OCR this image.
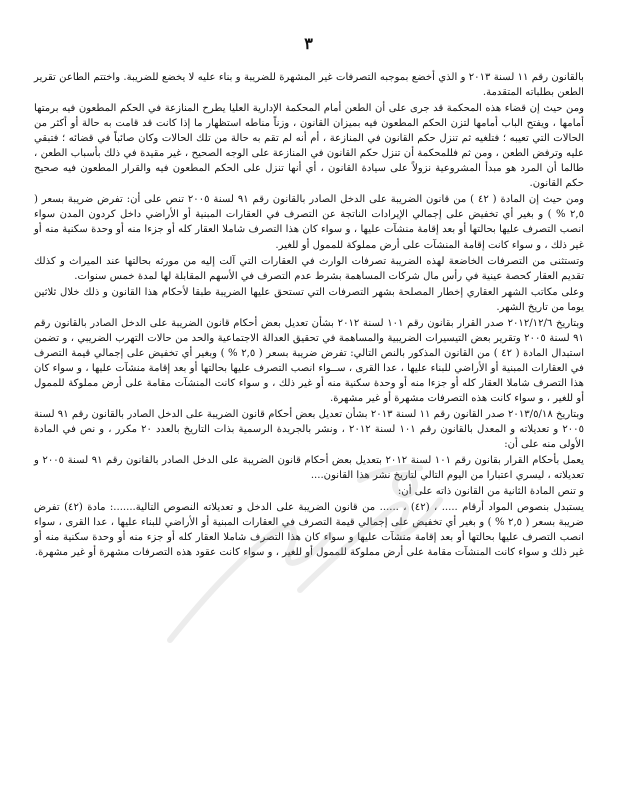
٣

بالقانون رقم ١١ لسنة ٢٠١٣ و الذي أخضع بموجبه التصرفات غير المشهرة للضريبة و بناء عليه لا يخضع للضريبة. واختتم الطاعن تقرير الطعن بطلباته المتقدمة.

ومن حيث إن قضاء هذه المحكمة قد جرى على أن الطعن أمام المحكمة الإدارية العليا يطرح المنازعة في الحكم المطعون فيه برمتها أمامها ، ويفتح الباب أمامها لتزن الحكم المطعون فيه بميزان القانون ، وزناً مناطه استظهار ما إذا كانت قد قامت به حالة أو أكثر من الحالات التي تعيبه ؛ فتلغيه ثم تنزل حكم القانون في المنازعة ، أم أنه لم تقم به حالة من تلك الحالات وكان صائباً في قضائه ؛ فتبقي عليه وترفض الطعن ، ومن ثم فللمحكمة أن تنزل حكم القانون في المنازعة على الوجه الصحيح ، غير مقيدة في ذلك بأسباب الطعن ، طالما أن المرد هو مبدأ المشروعية نزولاً على سيادة القانون ، أي أنها تنزل على الحكم المطعون فيه والقرار المطعون فيه صحيح حكم القانون.

ومن حيث إن المادة ( ٤٢ ) من قانون الضريبة على الدخل الصادر بالقانون رقم ٩١ لسنة ٢٠٠٥ تنص على أن: تفرض ضريبة بسعر ( ٢,٥ % ) و بغير أي تخفيض على إجمالي الإيرادات الناتجة عن التصرف في العقارات المبنية أو الأراضي داخل كردون المدن سواء انصب التصرف عليها بحالتها أو بعد إقامة منشآت عليها ، و سواء كان هذا التصرف شاملا العقار كله أو جزءا منه أو وحدة سكنية منه أو غير ذلك ، و سواء كانت إقامة المنشآت على أرض مملوكة للممول أو للغير.

وتستثنى من التصرفات الخاضعة لهذه الضريبة تصرفات الوارث في العقارات التي آلت إليه من مورثه بحالتها عند الميراث و كذلك تقديم العقار كحصة عينية في رأس مال شركات المساهمة بشرط عدم التصرف في الأسهم المقابلة لها لمدة خمس سنوات.

وعلى مكاتب الشهر العقاري إخطار المصلحة بشهر التصرفات التي تستحق عليها الضريبة طبقا لأحكام هذا القانون و ذلك خلال ثلاثين يوما من تاريخ الشهر.

وبتاريخ ٢٠١٢/١٢/٦ صدر القرار بقانون رقم ١٠١ لسنة ٢٠١٢ بشأن تعديل بعض أحكام قانون الضريبة على الدخل الصادر بالقانون رقم ٩١ لسنة ٢٠٠٥ وتقرير بعض التيسيرات الضريبية والمساهمة في تحقيق العدالة الاجتماعية والحد من حالات التهرب الضريبي ، و تضمن استبدال المادة ( ٤٢ ) من القانون المذكور بالنص التالي: تفرض ضريبة بسعر ( ٢,٥ % ) وبغير أي تخفيض على إجمالي قيمة التصرف في العقارات المبنية أو الأراضي للبناء عليها ، عدا القرى ، ســواء انصب التصرف عليها بحالتها أو بعد إقامة منشآت عليها ، و سواء كان هذا التصرف شاملا العقار كله أو جزءا منه أو وحدة سكنية منه أو غير ذلك ، و سواء كانت المنشآت مقامة على أرض مملوكة للممول أو للغير ، و سواء كانت هذه التصرفات مشهرة أو غير مشهرة.

وبتاريخ ٢٠١٣/٥/١٨ صدر القانون رقم ١١ لسنة ٢٠١٣ بشأن تعديل بعض أحكام قانون الضريبة على الدخل الصادر بالقانون رقم ٩١ لسنة ٢٠٠٥ و تعديلاته و المعدل بالقانون رقم ١٠١ لسنة ٢٠١٢ ، ونشر بالجريدة الرسمية بذات التاريخ بالعدد ٢٠ مكرر ، و نص في المادة الأولى منه على أن:

يعمل بأحكام القرار بقانون رقم ١٠١ لسنة ٢٠١٢ بتعديل بعض أحكام قانون الضريبة على الدخل الصادر بالقانون رقم ٩١ لسنة ٢٠٠٥ و تعديلاته ، ليسري اعتبارا من اليوم التالي لتاريخ نشر هذا القانون....

و تنص المادة الثانية من القانون ذاته على أن:

يستبدل بنصوص المواد أرقام ..... ، (٤٢) ، ...... من قانون الضريبة على الدخل و تعديلاته النصوص التالية.......: مادة (٤٢) تفرض ضريبة بسعر ( ٢,٥ % ) و بغير أي تخفيض على إجمالي قيمة التصرف في العقارات المبنية أو الأراضي للبناء عليها ، عدا القرى ، سواء انصب التصرف عليها بحالتها أو بعد إقامة منشآت عليها و سواء كان هذا التصرف شاملا العقار كله أو جزء منه أو وحدة سكنية منه أو غير ذلك و سواء كانت المنشآت مقامة على أرض مملوكة للممول أو للغير ، و سواء كانت عقود هذه التصرفات مشهرة أو غير مشهرة.
